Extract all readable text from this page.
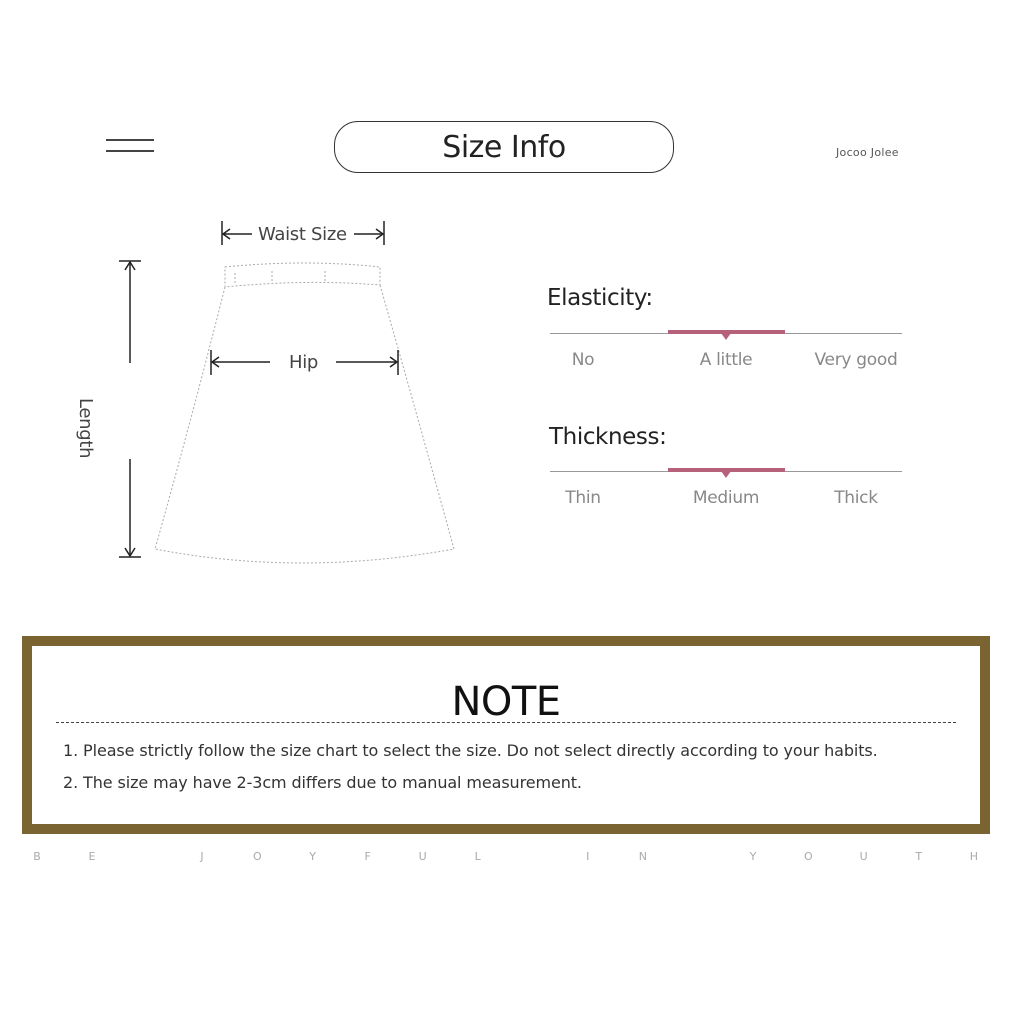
Size Info	Jocoo Jolee
Waist Size
Hip
Length
Elasticity:
No	A little	Very good
Thickness:
Thin	Medium	Thick
NOTE
1. Please strictly follow the size chart to select the size. Do not select directly according to your habits.
2. The size may have 2-3cm differs due to manual measurement.
B	E	J	O	Y	F	U	L	I	N	Y	O	U	T	H
